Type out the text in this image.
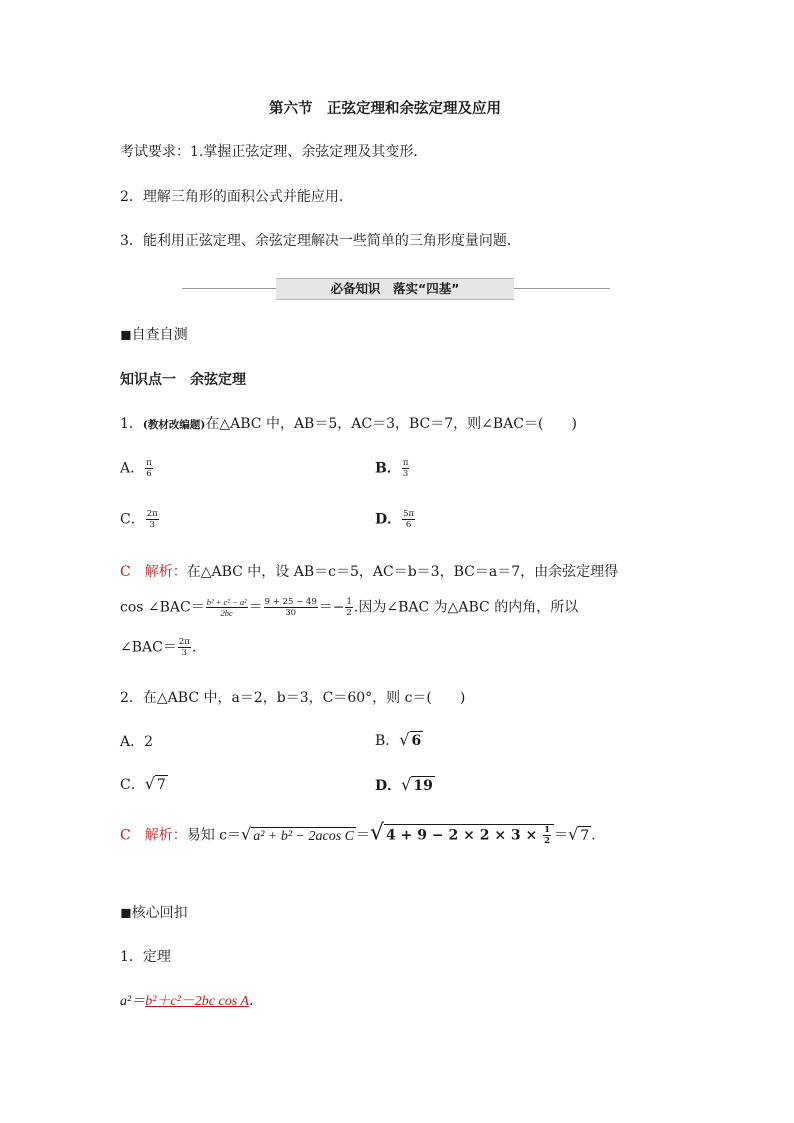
第六节　正弦定理和余弦定理及应用
考试要求：1.掌握正弦定理、余弦定理及其变形.
2．理解三角形的面积公式并能应用.
3．能利用正弦定理、余弦定理解决一些简单的三角形度量问题.
必备知识　落实“四基”
◼自查自测
知识点一　余弦定理
1．(教材改编题)在△ABC 中，AB＝5，AC＝3，BC＝7，则∠BAC＝(　　)
A． $\frac{\pi}{6}$	B． $\frac{\pi}{3}$
C． $\frac{2\pi}{3}$	D． $\frac{5\pi}{6}$
C　 解析：在△ABC 中，设 AB＝c＝5，AC＝b＝3，BC＝a＝7，由余弦定理得
cos ∠BAC＝ $\frac{\text{b² + c² − a²}}{2bc} = \frac{9 + 25 - 49}{30} =- \frac{1}{2}$ .因为∠BAC 为△ABC 的内角，所以
∠BAC＝ $\frac{2\pi}{3}$ .
2．在△ABC 中，a＝2，b＝3，C＝60°，则 c＝(　　)
A．2	B．√ 6
C．√ 7	D．√ 19
C　 解析：易知 c＝√ a² + b² − 2acos C ＝√ $4 + 9 - 2 \times 2 \times 3 \times \frac{1}{2}$ ＝√ 7 .
◼核心回扣
1．定理
a²＝b²＋c²－2bc cos A.
